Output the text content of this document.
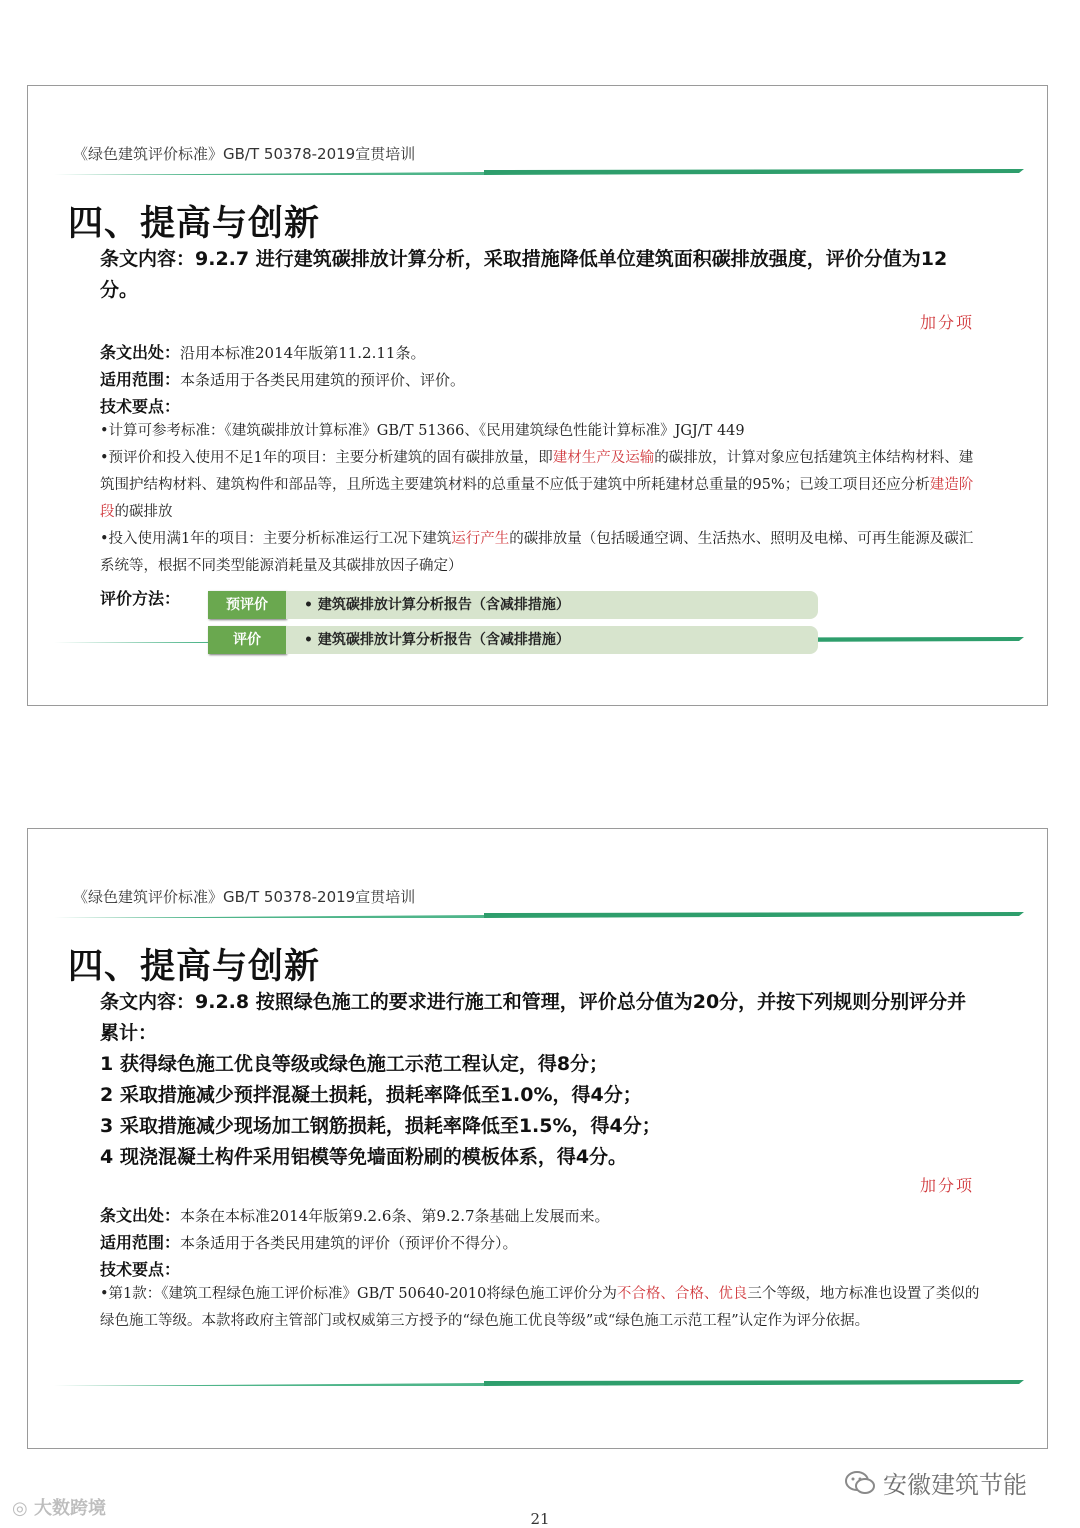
《绿色建筑评价标准》GB/T 50378-2019宣贯培训
四、提高与创新
条文内容：9.2.7 进行建筑碳排放计算分析，采取措施降低单位建筑面积碳排放强度，评价分值为12分。
加分项
条文出处：沿用本标准2014年版第11.2.11条。
适用范围：本条适用于各类民用建筑的预评价、评价。
技术要点：
•计算可参考标准：《建筑碳排放计算标准》GB/T 51366、《民用建筑绿色性能计算标准》JGJ/T 449
•预评价和投入使用不足1年的项目：主要分析建筑的固有碳排放量，即建材生产及运输的碳排放，计算对象应包括建筑主体结构材料、建筑围护结构材料、建筑构件和部品等，且所选主要建筑材料的总重量不应低于建筑中所耗建材总重量的95%；已竣工项目还应分析建造阶段的碳排放
•投入使用满1年的项目：主要分析标准运行工况下建筑运行产生的碳排放量（包括暖通空调、生活热水、照明及电梯、可再生能源及碳汇系统等，根据不同类型能源消耗量及其碳排放因子确定）
评价方法：	预评价	• 建筑碳排放计算分析报告（含减排措施）
评价	• 建筑碳排放计算分析报告（含减排措施）
《绿色建筑评价标准》GB/T 50378-2019宣贯培训
四、提高与创新
条文内容：9.2.8 按照绿色施工的要求进行施工和管理，评价总分值为20分，并按下列规则分别评分并累计：
1 获得绿色施工优良等级或绿色施工示范工程认定，得8分；
2 采取措施减少预拌混凝土损耗，损耗率降低至1.0%，得4分；
3 采取措施减少现场加工钢筋损耗，损耗率降低至1.5%，得4分；
4 现浇混凝土构件采用铝模等免墙面粉刷的模板体系，得4分。
加分项
条文出处：本条在本标准2014年版第9.2.6条、第9.2.7条基础上发展而来。
适用范围：本条适用于各类民用建筑的评价（预评价不得分）。
技术要点：
•第1款：《建筑工程绿色施工评价标准》GB/T 50640-2010将绿色施工评价分为不合格、合格、优良三个等级，地方标准也设置了类似的绿色施工等级。本款将政府主管部门或权威第三方授予的“绿色施工优良等级”或“绿色施工示范工程”认定作为评分依据。
◎ 大数跨境
安徽建筑节能
21
